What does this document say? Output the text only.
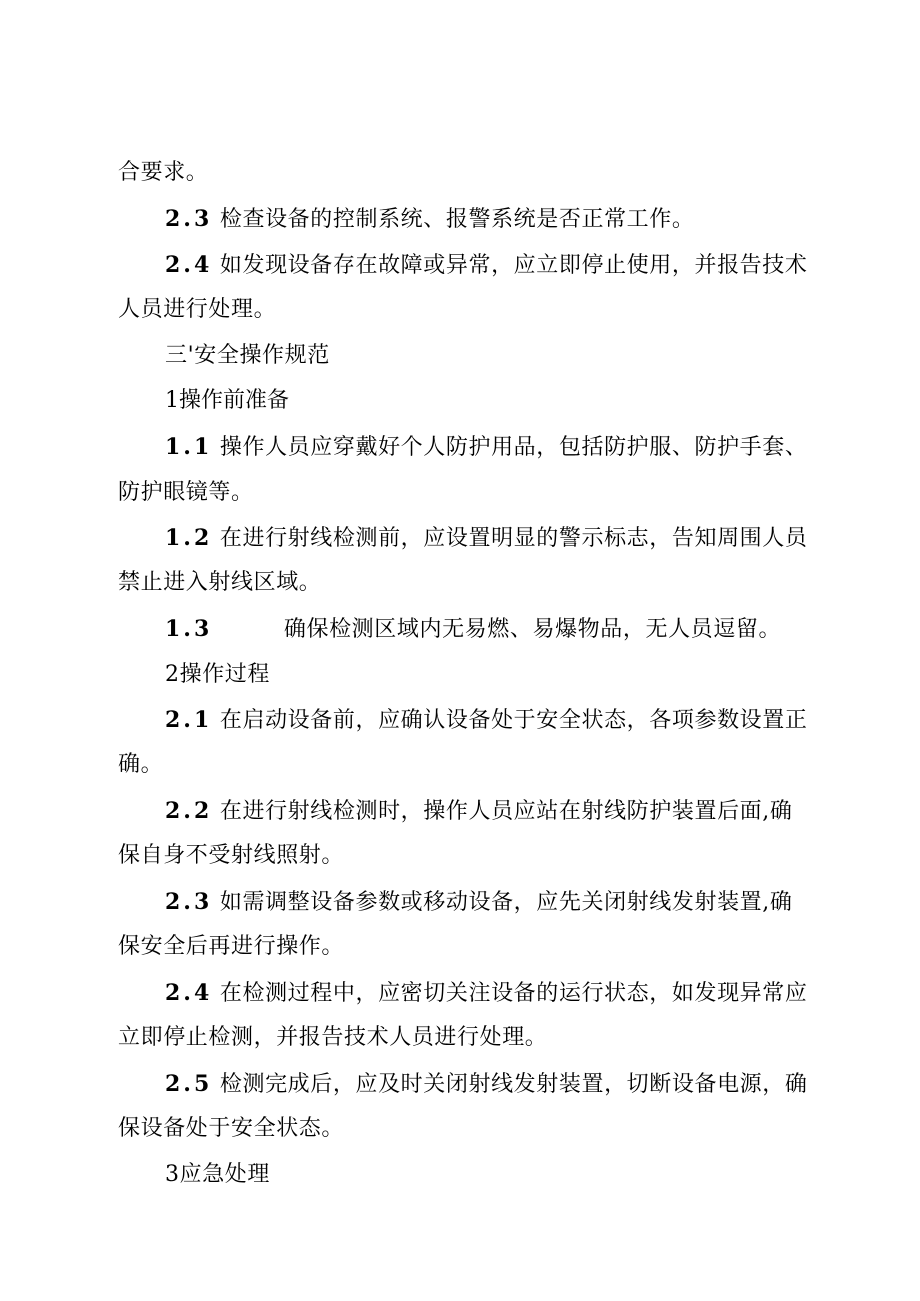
合要求。
2.3 检查设备的控制系统、报警系统是否正常工作。
2.4 如发现设备存在故障或异常，应立即停止使用，并报告技术
人员进行处理。
三'安全操作规范
1操作前准备
1.1 操作人员应穿戴好个人防护用品，包括防护服、防护手套、
防护眼镜等。
1.2 在进行射线检测前，应设置明显的警示标志，告知周围人员
禁止进入射线区域。
1.3	确保检测区域内无易燃、易爆物品，无人员逗留。
2操作过程
2.1 在启动设备前，应确认设备处于安全状态，各项参数设置正
确。
2.2 在进行射线检测时，操作人员应站在射线防护装置后面,确
保自身不受射线照射。
2.3 如需调整设备参数或移动设备，应先关闭射线发射装置,确
保安全后再进行操作。
2.4 在检测过程中，应密切关注设备的运行状态，如发现异常应
立即停止检测，并报告技术人员进行处理。
2.5 检测完成后，应及时关闭射线发射装置，切断设备电源，确
保设备处于安全状态。
3应急处理
